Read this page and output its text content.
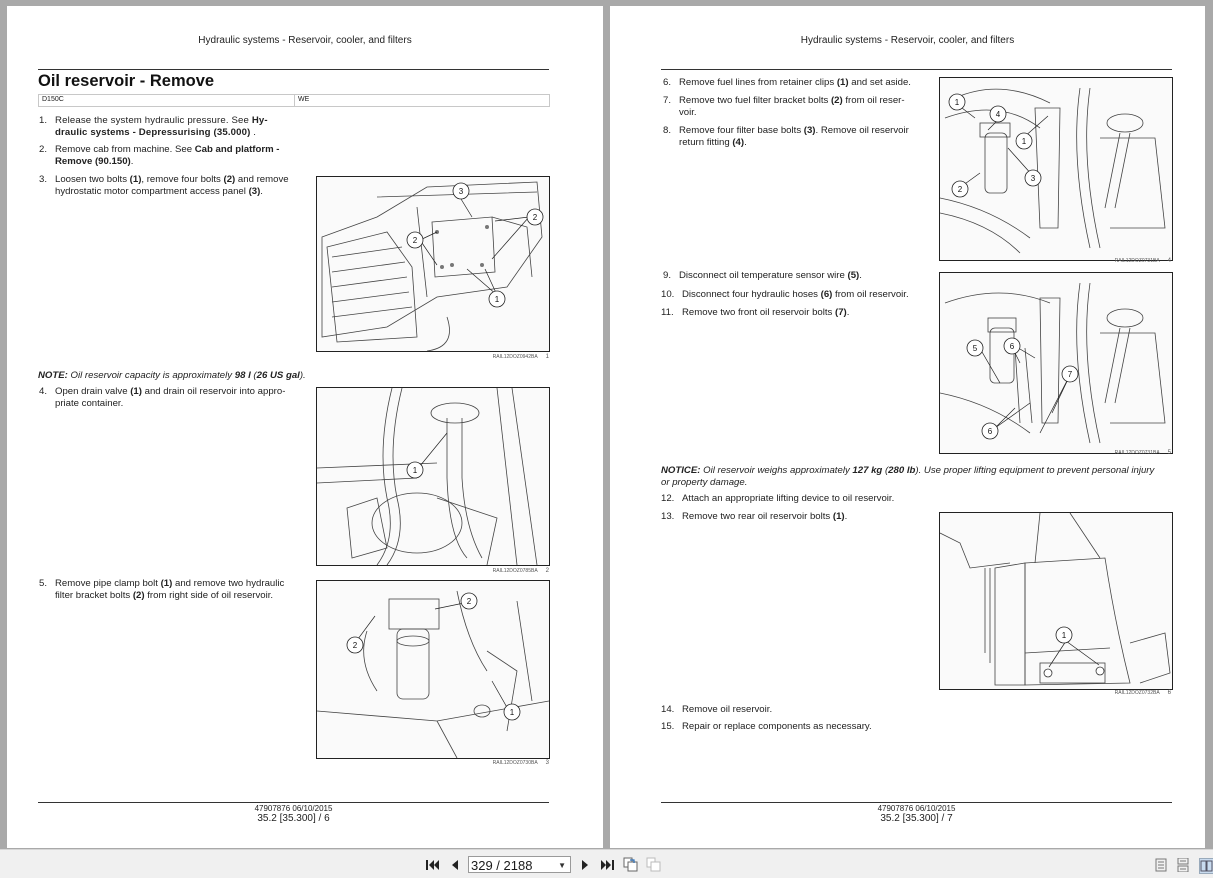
Hydraulic systems - Reservoir, cooler, and filters
Oil reservoir - Remove
D150C	WE
1. Release the system hydraulic pressure. See Hy-
draulic systems - Depressurising (35.000) .
2. Remove cab from machine. See Cab and platform -
Remove (90.150).
3. Loosen two bolts (1), remove four bolts (2) and remove
hydrostatic motor compartment access panel (3).	3
2
2
1
RAIL12DOZ0942BA 1
NOTE: Oil reservoir capacity is approximately 98 l (26 US gal).
4. Open drain valve (1) and drain oil reservoir into appro-
priate container.
1
RAIL12DOZ0785BA 2
5. Remove pipe clamp bolt (1) and remove two hydraulic
filter bracket bolts (2) from right side of oil reservoir.
2
2
1
RAIL12DOZ0730BA 3
47907876 06/10/2015
35.2 [35.300] / 6
Hydraulic systems - Reservoir, cooler, and filters
6. Remove fuel lines from retainer clips (1) and set aside.
7. Remove two fuel filter bracket bolts (2) from oil reser-
voir.
8. Remove four filter base bolts (3). Remove oil reservoir
return fitting (4).
1
4
1
3
2
RAIL12DOZ0731BA 4
9. Disconnect oil temperature sensor wire (5).
10. Disconnect four hydraulic hoses (6) from oil reservoir.
11. Remove two front oil reservoir bolts (7).
5	6
7
6
RAIL12DOZ0731BA 5
NOTICE: Oil reservoir weighs approximately 127 kg (280 lb). Use proper lifting equipment to prevent personal injury
or property damage.
12. Attach an appropriate lifting device to oil reservoir.
13. Remove two rear oil reservoir bolts (1).
1
RAIL12DOZ0732BA 6
14. Remove oil reservoir.
15. Repair or replace components as necessary.
47907876 06/10/2015
35.2 [35.300] / 7
329 / 2188	▼
